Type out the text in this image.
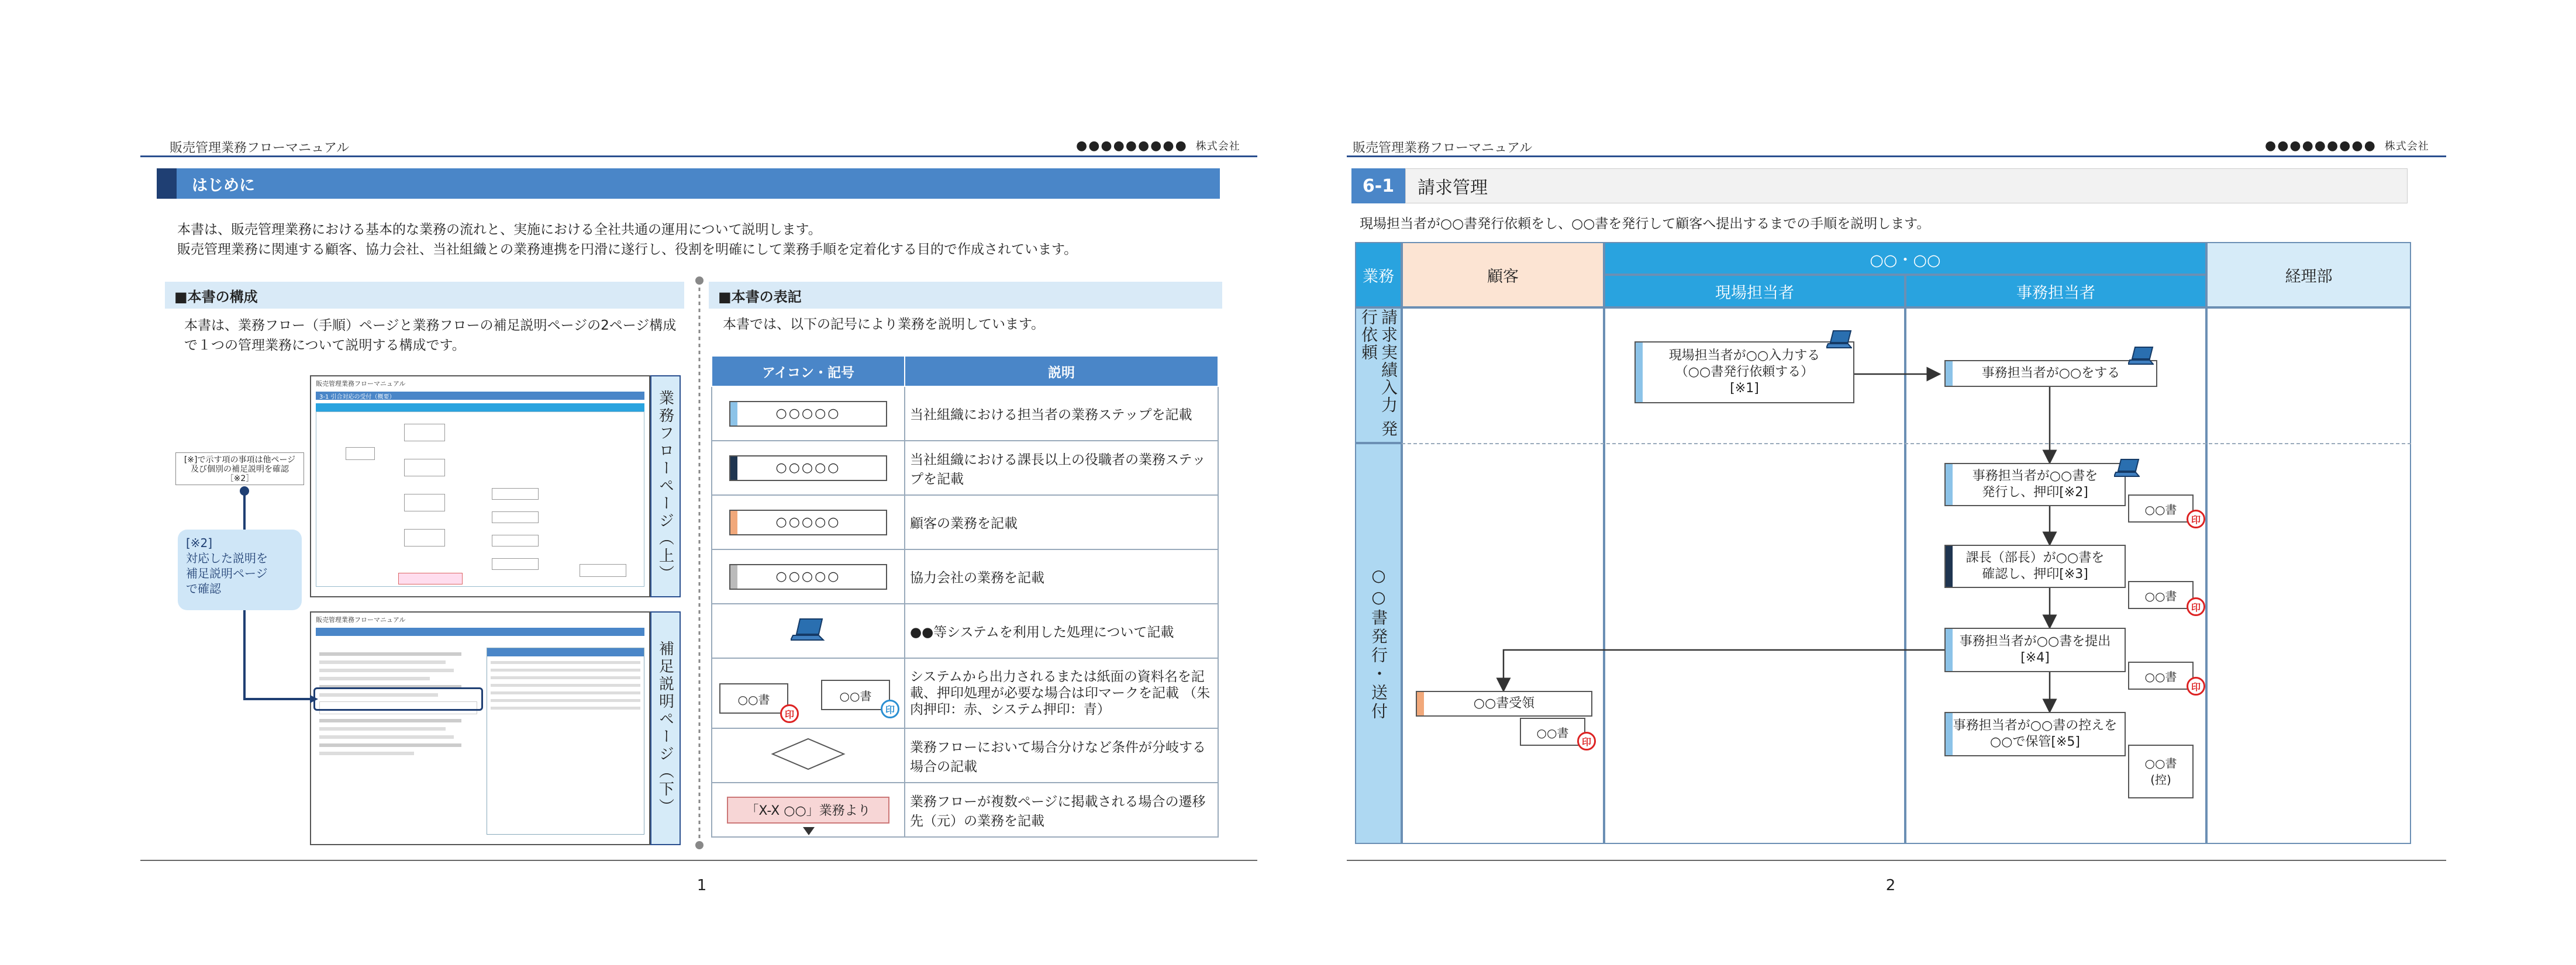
販売管理業務フローマニュアル	●●●●●●●●● 株式会社
はじめに
本書は、販売管理業務における基本的な業務の流れと、実施における全社共通の運用について説明します。
販売管理業務に関連する顧客、協力会社、当社組織との業務連携を円滑に遂行し、役割を明確にして業務手順を定着化する目的で作成されています。
■本書の構成
本書は、業務フロー（手順）ページと業務フローの補足説明ページの2ページ構成
で１つの管理業務について説明する構成です。
販売管理業務フローマニュアル
3-1 引合対応の受付（概要）
販売管理業務フローマニュアル
業務フローページ（上）
補足説明ページ（下）
[※]で示す項の事項は他ページ 及び個別の補足説明を確認［※2］
[※2]
対応した説明を
補足説明ページ
で確認
■本書の表記
本書では、以下の記号により業務を説明しています。
アイコン・記号	説明

○○○○○	当社組織における担当者の業務ステップを記載

○○○○○	当社組織における課長以上の役職者の業務ステップを記載

○○○○○	顧客の業務を記載

○○○○○	協力会社の業務を記載
	●●等システムを利用した処理について記載

○○書
印
○○書
印	システムから出力されるまたは紙面の資料名を記載、押印処理が必要な場合は印マークを記載 （朱肉押印：赤、システム押印：青）
	業務フローにおいて場合分けなど条件が分岐する場合の記載

「X-X ○○」業務より	業務フローが複数ページに掲載される場合の遷移先（元）の業務を記載
1
販売管理業務フローマニュアル	●●●●●●●●● 株式会社
6-1	請求管理
現場担当者が○○書発行依頼をし、○○書を発行して顧客へ提出するまでの手順を説明します。
業務	顧客
○○・○○
現場担当者	事務担当者
経理部
請求実績入力 発行依頼
○○書発行・送付
現場担当者が○○入力する
（○○書発行依頼する）
[※1]
事務担当者が○○をする
事務担当者が○○書を
発行し、押印[※2]
○○書
印
課長（部長）が○○書を
確認し、押印[※3]
○○書
印
事務担当者が○○書を提出
[※4]
○○書
印
事務担当者が○○書の控えを
○○で保管[※5]
○○書
(控)
○○書受領
○○書
印
2
